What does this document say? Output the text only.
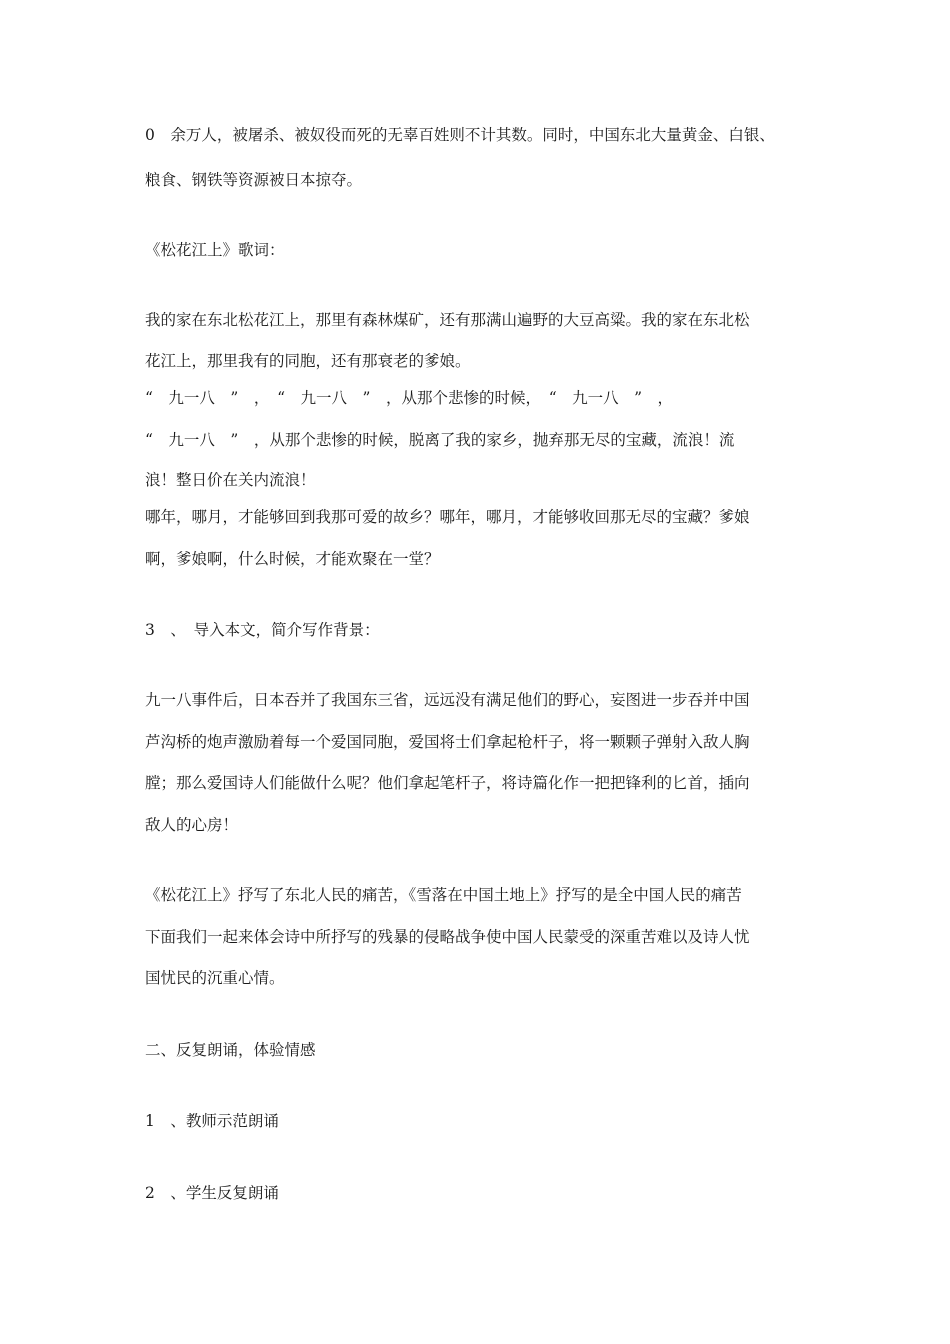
0　余万人，被屠杀、被奴役而死的无辜百姓则不计其数。同时，中国东北大量黄金、白银、
粮食、钢铁等资源被日本掠夺。
《松花江上》歌词：
我的家在东北松花江上，那里有森林煤矿，还有那满山遍野的大豆高粱。我的家在东北松
花江上，那里我有的同胞，还有那衰老的爹娘。
“　九一八　”　，　“　九一八　”　，从那个悲惨的时候，　“　九一八　”　，
“　九一八　”　，从那个悲惨的时候，脱离了我的家乡，抛弃那无尽的宝藏，流浪！流
浪！整日价在关内流浪！
哪年，哪月，才能够回到我那可爱的故乡？哪年，哪月，才能够收回那无尽的宝藏？爹娘
啊，爹娘啊，什么时候，才能欢聚在一堂？
3　、　导入本文，简介写作背景：
九一八事件后，日本吞并了我国东三省，远远没有满足他们的野心，妄图进一步吞并中国
芦沟桥的炮声激励着每一个爱国同胞，爱国将士们拿起枪杆子，将一颗颗子弹射入敌人胸
膛；那么爱国诗人们能做什么呢？他们拿起笔杆子，将诗篇化作一把把锋利的匕首，插向
敌人的心房！
《松花江上》抒写了东北人民的痛苦，《雪落在中国土地上》抒写的是全中国人民的痛苦
下面我们一起来体会诗中所抒写的残暴的侵略战争使中国人民蒙受的深重苦难以及诗人忧
国忧民的沉重心情。
二、反复朗诵，体验情感
1　、教师示范朗诵
2　、学生反复朗诵
